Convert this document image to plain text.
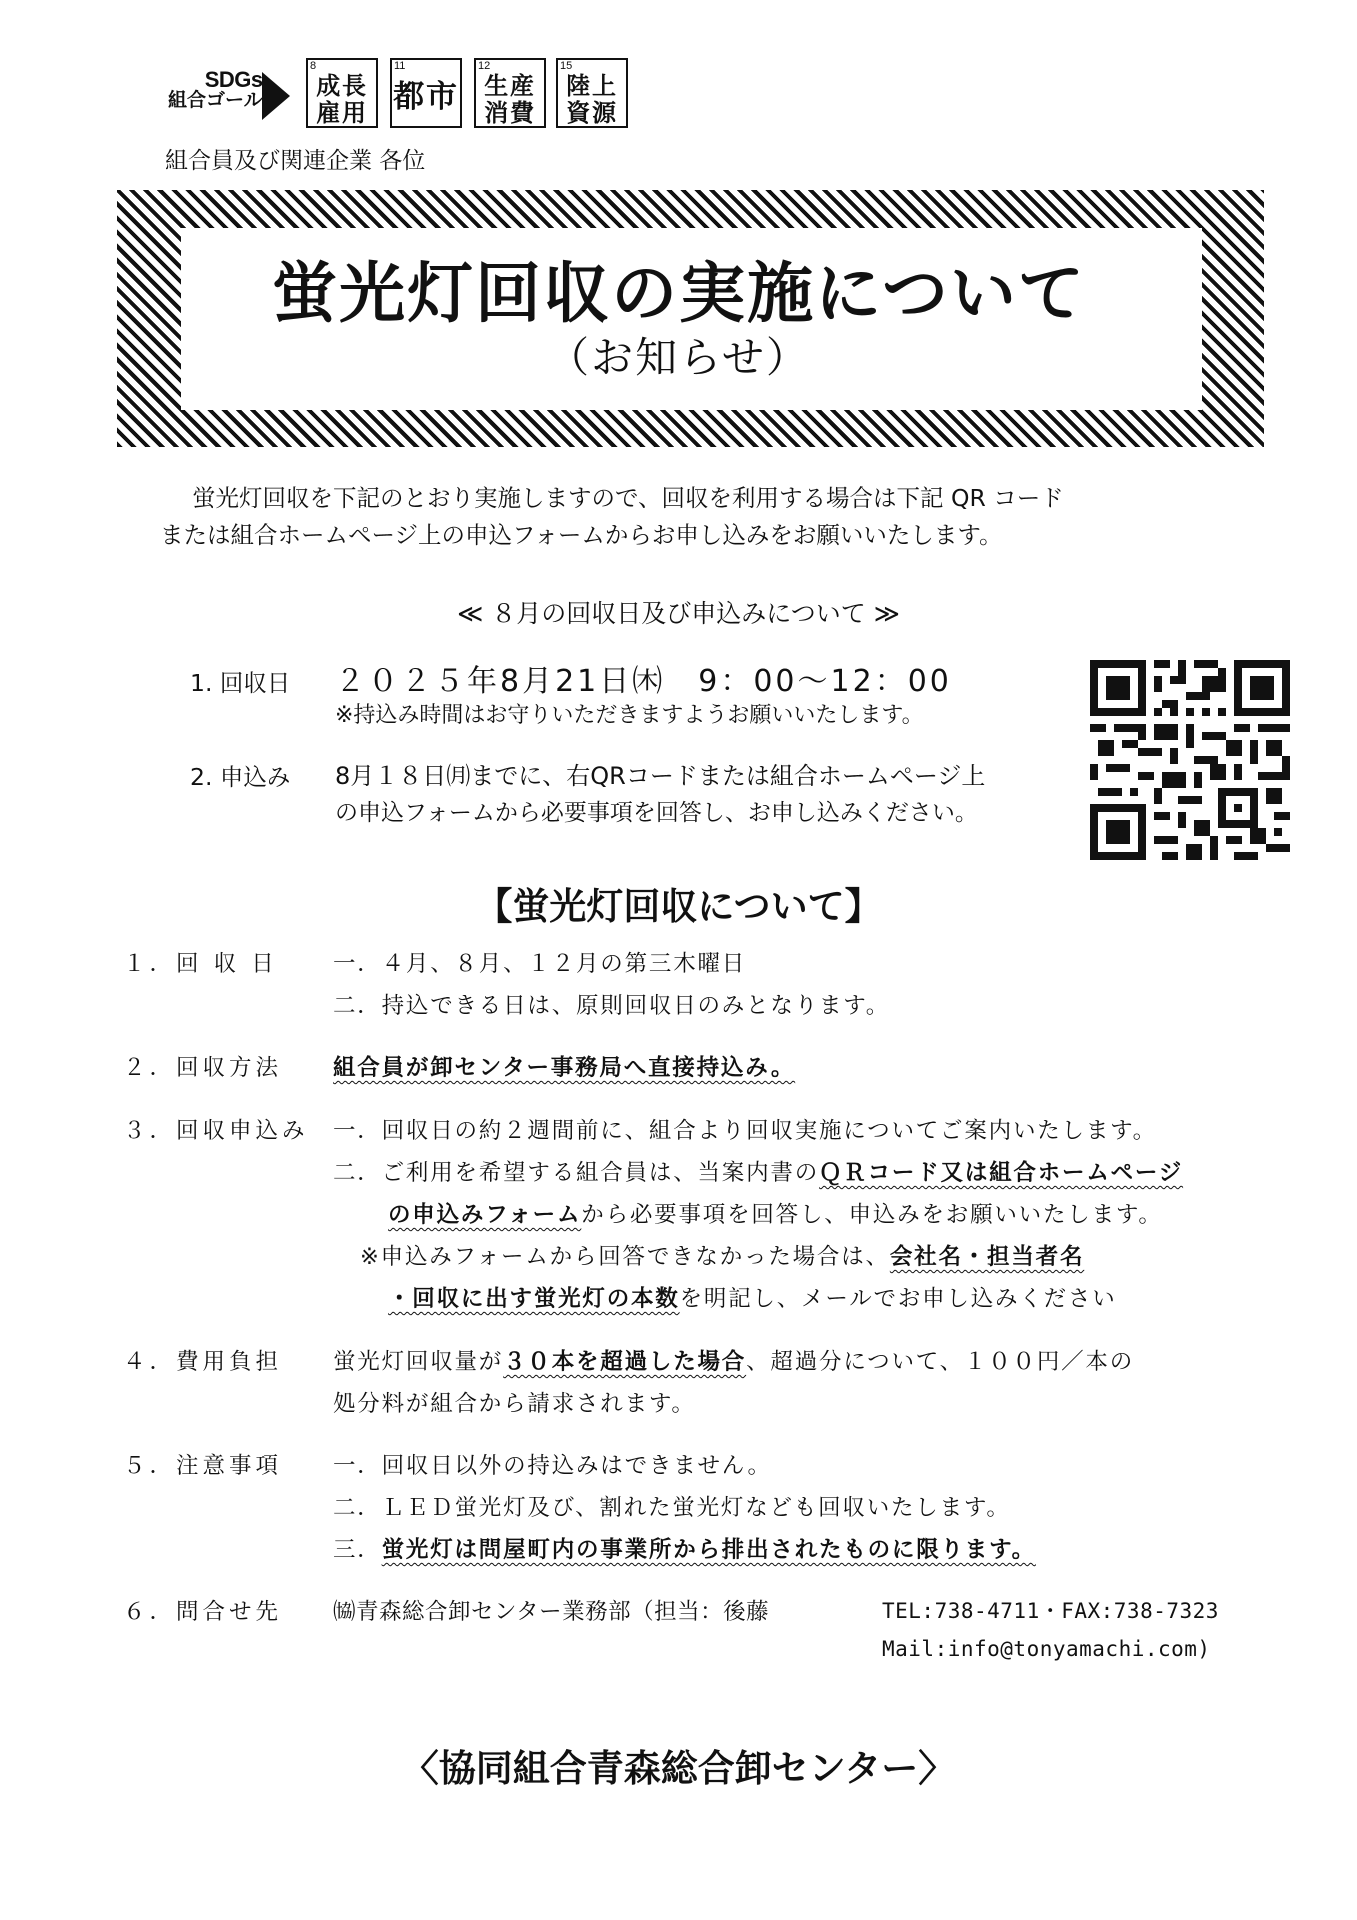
SDGs
組合ゴール
8
成長
雇用
11
都市
12
生産
消費
15
陸上
資源
組合員及び関連企業 各位
蛍光灯回収の実施について
（お知らせ）
蛍光灯回収を下記のとおり実施しますので、回収を利用する場合は下記 QR コード
または組合ホームページ上の申込フォームからお申し込みをお願いいたします。
≪ ８月の回収日及び申込みについて ≫
1. 回収日 ２０２５年8月21日㈭　9：00～12：00
※持込み時間はお守りいただきますようお願いいたします。
2. 申込み 8月１８日㈪までに、右QRコードまたは組合ホームページ上
の申込フォームから必要事項を回答し、お申し込みください。
【蛍光灯回収について】
１．回 収 日 一．４月、８月、１２月の第三木曜日
二．持込できる日は、原則回収日のみとなります。
２．回収方法 組合員が卸センター事務局へ直接持込み。
３．回収申込み 一．回収日の約２週間前に、組合より回収実施についてご案内いたします。
二．ご利用を希望する組合員は、当案内書のＱＲコード又は組合ホームページ
の申込みフォームから必要事項を回答し、申込みをお願いいたします。
※申込みフォームから回答できなかった場合は、会社名・担当者名
・回収に出す蛍光灯の本数を明記し、メールでお申し込みください
４．費用負担 蛍光灯回収量が３０本を超過した場合、超過分について、１００円／本の
処分料が組合から請求されます。
５．注意事項 一．回収日以外の持込みはできません。
二．ＬＥＤ蛍光灯及び、割れた蛍光灯なども回収いたします。
三．蛍光灯は問屋町内の事業所から排出されたものに限ります。
６．問合せ先 ㈿青森総合卸センター業務部（担当：後藤	TEL:738-4711・FAX:738-7323
Mail:info@tonyamachi.com)
〈協同組合青森総合卸センター〉
